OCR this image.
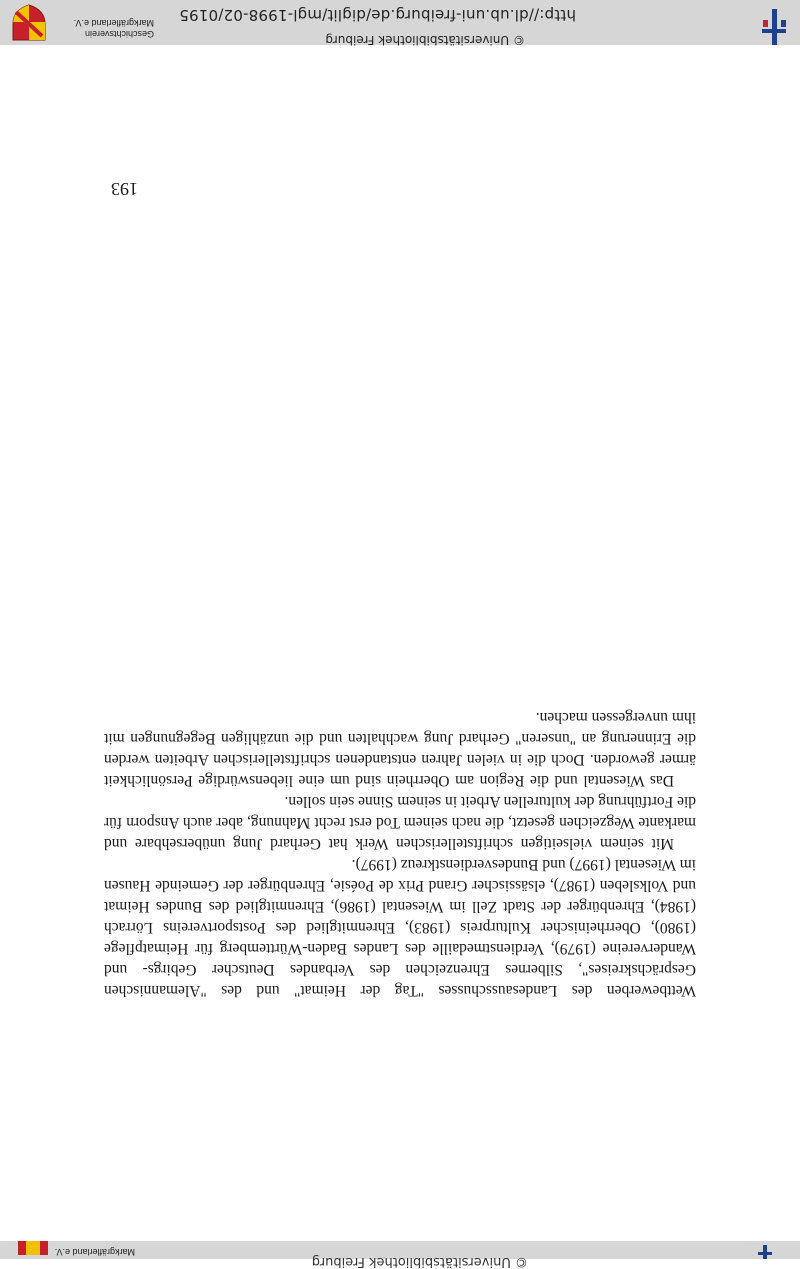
© Universitätsbibliothek Freiburg
Markgräflerland e.V.

Wettbewerben des Landesausschusses "Tag der Heimat" und des "Alemannischen Gesprächskreises", Silbernes Ehrenzeichen des Verbandes Deutscher Gebirgs- und Wandervereine (1979), Verdienstmedaille des Landes Baden-Württemberg für Heimatpflege (1980), Oberrheinischer Kulturpreis (1983), Ehrenmitglied des Postsportvereins Lörrach (1984), Ehrenbürger der Stadt Zell im Wiesental (1986), Ehrenmitglied des Bundes Heimat und Volksleben (1987), elsässischer Grand Prix de Poésie, Ehrenbürger der Gemeinde Hausen im Wiesental (1997) und Bundesverdienstkreuz (1997).

Mit seinem vielseitigen schriftstellerischen Werk hat Gerhard Jung unübersehbare und markante Wegzeichen gesetzt, die nach seinem Tod erst recht Mahnung, aber auch Ansporn für die Fortführung der kulturellen Arbeit in seinem Sinne sein sollen.

Das Wiesental und die Region am Oberrhein sind um eine liebenswürdige Persönlichkeit ärmer geworden. Doch die in vielen Jahren entstandenen schriftstellerischen Arbeiten werden die Erinnerung an "unseren" Gerhard Jung wachhalten und die unzähligen Begegnungen mit ihm unvergessen machen.

193
© Universitätsbibliothek Freiburg
http://dl.ub.uni-freiburg.de/diglit/mgl-1998-02/0195
Geschichtsverein
Markgräflerland e.V.
